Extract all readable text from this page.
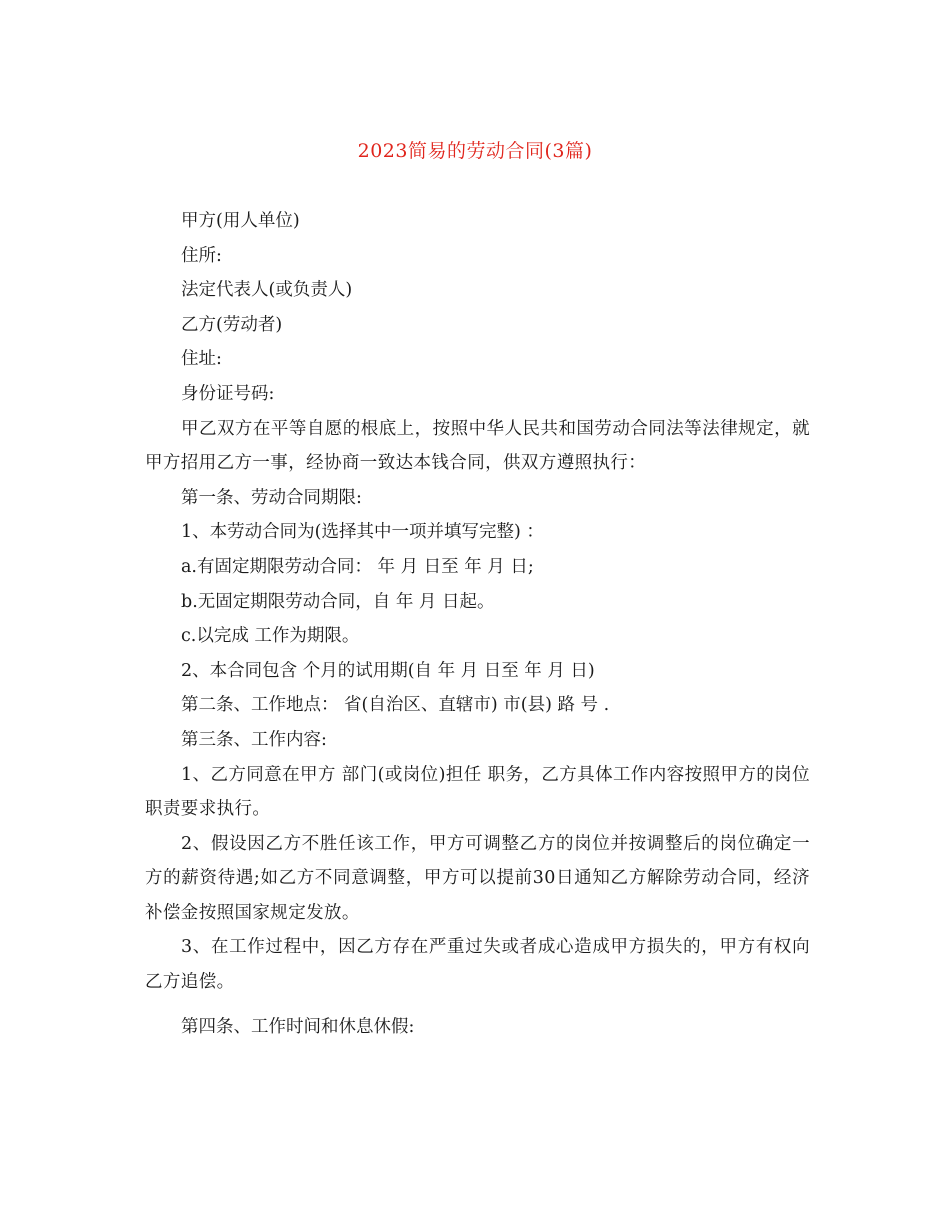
2023简易的劳动合同(3篇)

甲方(用人单位)

住所:

法定代表人(或负责人)

乙方(劳动者)

住址:

身份证号码:

甲乙双方在平等自愿的根底上，按照中华人民共和国劳动合同法等法律规定，就甲方招用乙方一事，经协商一致达本钱合同，供双方遵照执行：

第一条、劳动合同期限:

1、本劳动合同为(选择其中一项并填写完整) ：

a.有固定期限劳动合同： 年 月 日至 年 月 日;

b.无固定期限劳动合同，自 年 月 日起。

c.以完成 工作为期限。

2、本合同包含 个月的试用期(自 年 月 日至 年 月 日)

第二条、工作地点： 省(自治区、直辖市) 市(县) 路 号 .

第三条、工作内容:

1、乙方同意在甲方 部门(或岗位)担任 职务，乙方具体工作内容按照甲方的岗位职责要求执行。

2、假设因乙方不胜任该工作，甲方可调整乙方的岗位并按调整后的岗位确定一方的薪资待遇;如乙方不同意调整，甲方可以提前30日通知乙方解除劳动合同，经济补偿金按照国家规定发放。

3、在工作过程中，因乙方存在严重过失或者成心造成甲方损失的，甲方有权向乙方追偿。

第四条、工作时间和休息休假:
